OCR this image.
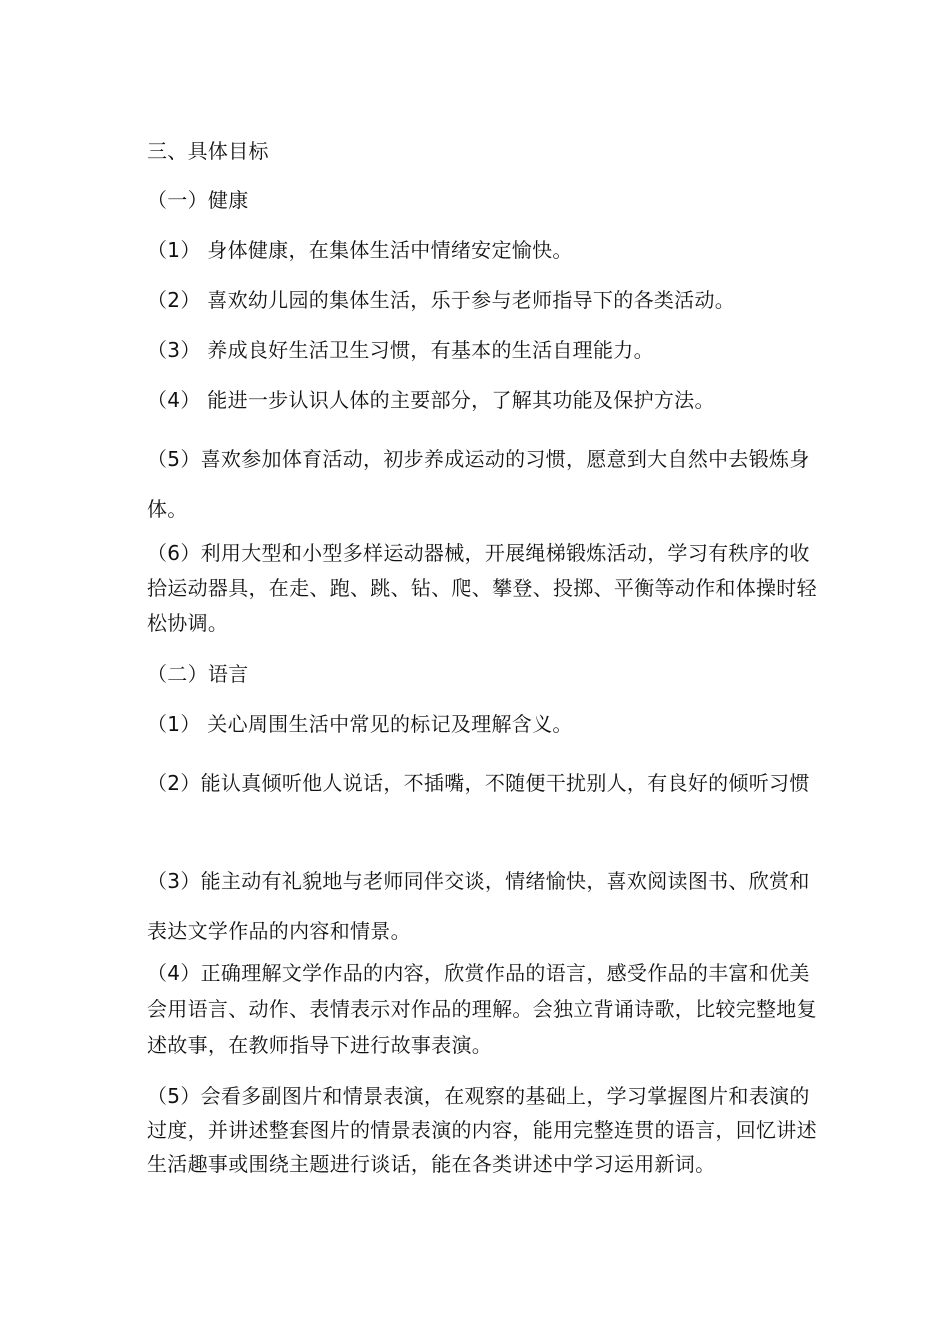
三、具体目标

（一）健康

（1） 身体健康，在集体生活中情绪安定愉快。

（2） 喜欢幼儿园的集体生活，乐于参与老师指导下的各类活动。

（3） 养成良好生活卫生习惯，有基本的生活自理能力。

（4） 能进一步认识人体的主要部分，了解其功能及保护方法。

（5）喜欢参加体育活动，初步养成运动的习惯，愿意到大自然中去锻炼身体。

（6）利用大型和小型多样运动器械，开展绳梯锻炼活动，学习有秩序的收拾运动器具，在走、跑、跳、钻、爬、攀登、投掷、平衡等动作和体操时轻松协调。

（二）语言

（1） 关心周围生活中常见的标记及理解含义。

（2）能认真倾听他人说话，不插嘴，不随便干扰别人，有良好的倾听习惯

（3）能主动有礼貌地与老师同伴交谈，情绪愉快，喜欢阅读图书、欣赏和表达文学作品的内容和情景。

（4）正确理解文学作品的内容，欣赏作品的语言，感受作品的丰富和优美会用语言、动作、表情表示对作品的理解。会独立背诵诗歌，比较完整地复述故事，在教师指导下进行故事表演。

（5）会看多副图片和情景表演，在观察的基础上，学习掌握图片和表演的过度，并讲述整套图片的情景表演的内容，能用完整连贯的语言，回忆讲述生活趣事或围绕主题进行谈话，能在各类讲述中学习运用新词。
